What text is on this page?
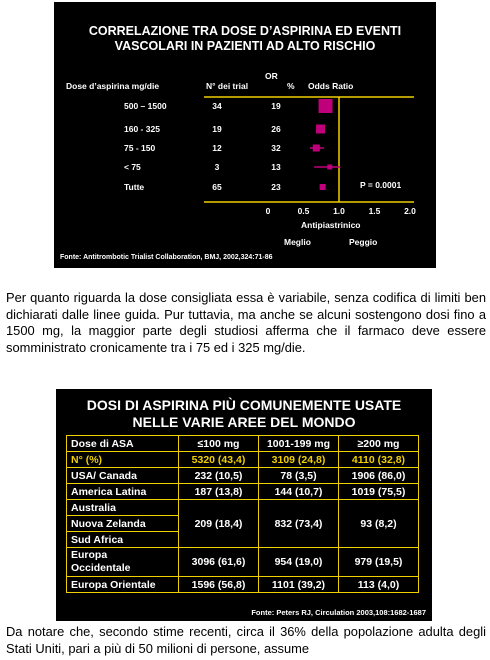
CORRELAZIONE TRA DOSE D’ASPIRINA ED EVENTI
VASCOLARI IN PAZIENTI AD ALTO RISCHIO
Dose d’aspirina mg/die	N° dei trial
OR
% Odds Ratio
500 – 1500	34	19
160 - 325	19	26
75 - 150	12	32
< 75	3	13
Tutte	65	23
0	0.5	1.0	1.5	2.0
P = 0.0001
Antipiastrinico
Meglio	Peggio
Fonte: Antitrombotic Trialist Collaboration, BMJ, 2002,324:71-86
Per quanto riguarda la dose consigliata essa è variabile, senza codifica di limiti ben dichiarati dalle linee guida. Pur tuttavia, ma anche se alcuni sostengono dosi fino a 1500 mg, la maggior parte degli studiosi afferma che il farmaco deve essere somministrato cronicamente tra i 75 ed i 325 mg/die.
DOSI DI ASPIRINA PIÙ COMUNEMENTE USATE
NELLE VARIE AREE DEL MONDO
Dose di ASA	≤100 mg	1001-199 mg	≥200 mg
N° (%)	5320 (43,4)	3109 (24,8)	4110 (32,8)
USA/ Canada	232 (10,5)	78 (3,5)	1906 (86,0)
America Latina	187 (13,8)	144 (10,7)	1019 (75,5)
Australia	209 (18,4)	832 (73,4)	93 (8,2)
Nuova Zelanda			
Sud Africa			

Europa
Occidentale	3096 (61,6)	954 (19,0)	979 (19,5)
Europa Orientale	1596 (56,8)	1101 (39,2)	113 (4,0)
Fonte: Peters RJ, Circulation 2003,108:1682-1687
Da notare che, secondo stime recenti, circa il 36% della popolazione adulta degli Stati Uniti, pari a più di 50 milioni di persone, assume
